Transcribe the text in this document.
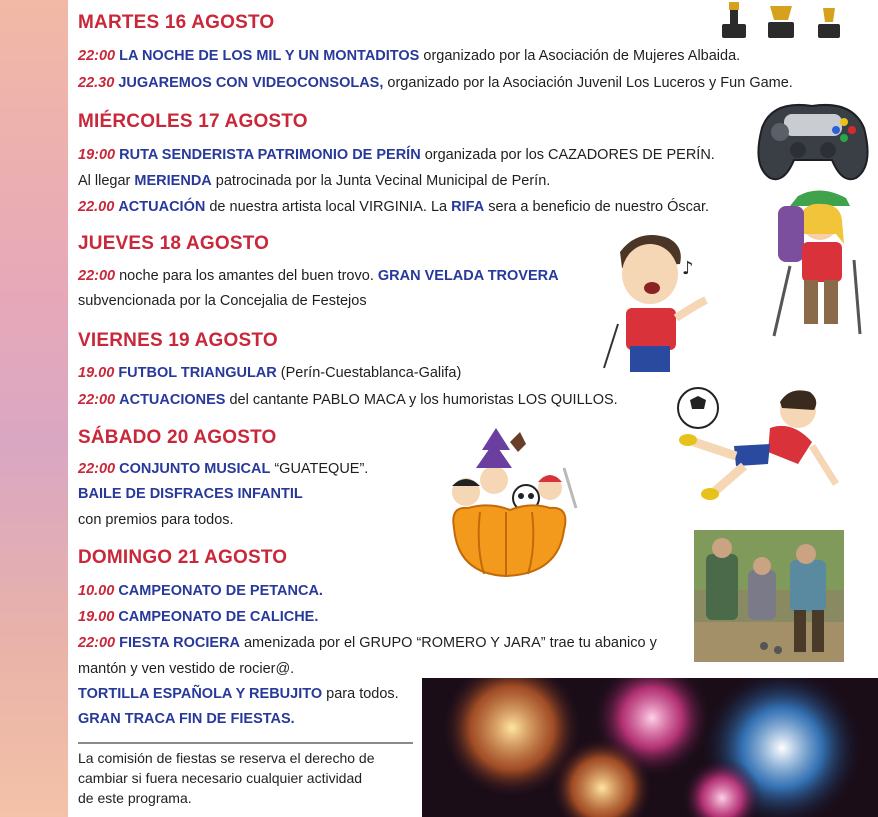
MARTES 16 AGOSTO
MIÉRCOLES 17 AGOSTO
JUEVES 18 AGOSTO
VIERNES 19 AGOSTO
SÁBADO 20 AGOSTO
DOMINGO 21 AGOSTO
22:00 LA NOCHE DE LOS MIL Y UN MONTADITOS organizado por la Asociación de Mujeres Albaida.
22.30 JUGAREMOS CON VIDEOCONSOLAS, organizado por la Asociación Juvenil Los Luceros y Fun Game.
19:00 RUTA SENDERISTA PATRIMONIO DE PERÍN organizada por los CAZADORES DE PERÍN.
Al llegar MERIENDA patrocinada por la Junta Vecinal Municipal de Perín.
22.00 ACTUACIÓN de nuestra artista local VIRGINIA. La RIFA sera a beneficio de nuestro Óscar.
22:00 noche para los amantes del buen trovo. GRAN VELADA TROVERA
subvencionada por la Concejalia de Festejos
19.00 FUTBOL TRIANGULAR (Perín-Cuestablanca-Galifa)
22:00 ACTUACIONES del cantante PABLO MACA y los humoristas LOS QUILLOS.
22:00 CONJUNTO MUSICAL “GUATEQUE”.
BAILE DE DISFRACES INFANTIL
con premios para todos.
10.00 CAMPEONATO DE PETANCA.
19.00 CAMPEONATO DE CALICHE.
22:00 FIESTA ROCIERA amenizada por el GRUPO “ROMERO Y JARA” trae tu abanico y
mantón y ven vestido de rocier@.
TORTILLA ESPAÑOLA Y REBUJITO para todos.
GRAN TRACA FIN DE FIESTAS.
La comisión de fiestas se reserva el derecho de
cambiar si fuera necesario cualquier actividad
de este programa.
♪
